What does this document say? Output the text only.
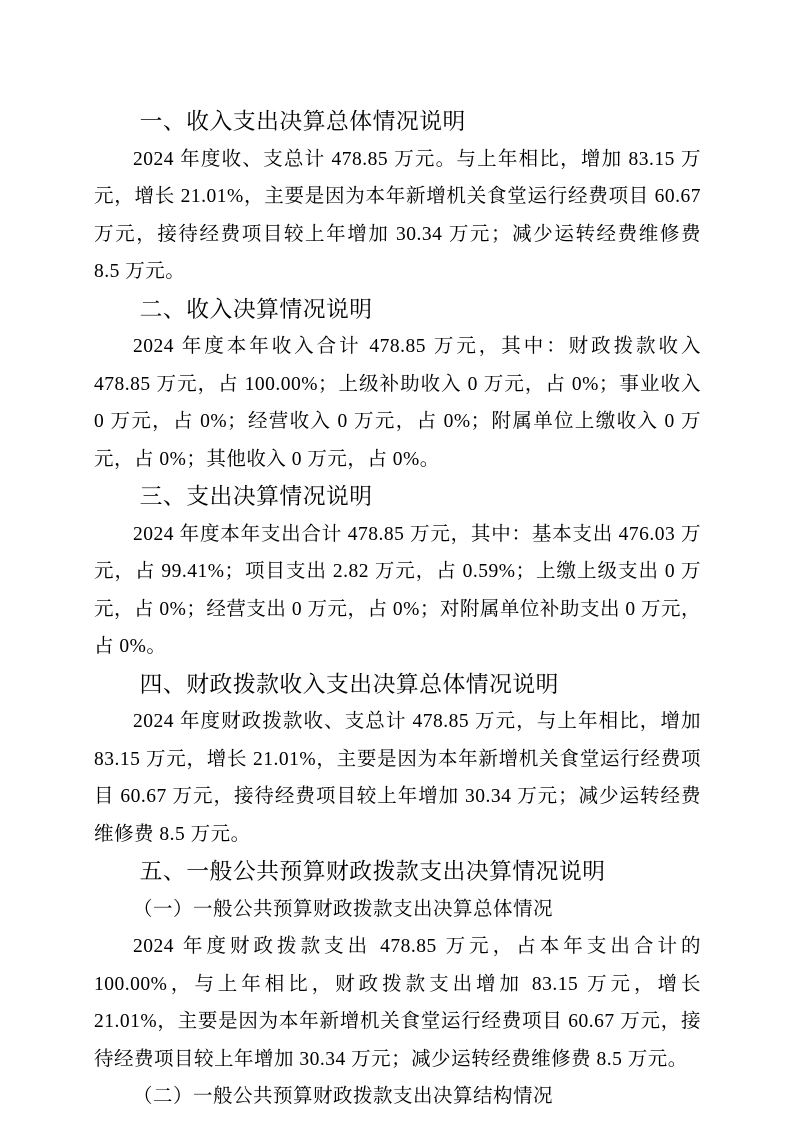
一、收入支出决算总体情况说明

2024 年度收、支总计 478.85 万元。与上年相比，增加 83.15 万元，增长 21.01%，主要是因为本年新增机关食堂运行经费项目 60.67 万元，接待经费项目较上年增加 30.34 万元；减少运转经费维修费 8.5 万元。

二、收入决算情况说明

2024 年度本年收入合计 478.85 万元，其中：财政拨款收入 478.85 万元，占 100.00%；上级补助收入 0 万元，占 0%；事业收入 0 万元，占 0%；经营收入 0 万元，占 0%；附属单位上缴收入 0 万元，占 0%；其他收入 0 万元，占 0%。

三、支出决算情况说明

2024 年度本年支出合计 478.85 万元，其中：基本支出 476.03 万元，占 99.41%；项目支出 2.82 万元，占 0.59%；上缴上级支出 0 万元，占 0%；经营支出 0 万元，占 0%；对附属单位补助支出 0 万元，占 0%。

四、财政拨款收入支出决算总体情况说明

2024 年度财政拨款收、支总计 478.85 万元，与上年相比，增加 83.15 万元，增长 21.01%，主要是因为本年新增机关食堂运行经费项目 60.67 万元，接待经费项目较上年增加 30.34 万元；减少运转经费维修费 8.5 万元。

五、一般公共预算财政拨款支出决算情况说明
（一）一般公共预算财政拨款支出决算总体情况

2024 年度财政拨款支出 478.85 万元，占本年支出合计的 100.00%，与上年相比，财政拨款支出增加 83.15 万元，增长 21.01%，主要是因为本年新增机关食堂运行经费项目 60.67 万元，接待经费项目较上年增加 30.34 万元；减少运转经费维修费 8.5 万元。

（二）一般公共预算财政拨款支出决算结构情况
